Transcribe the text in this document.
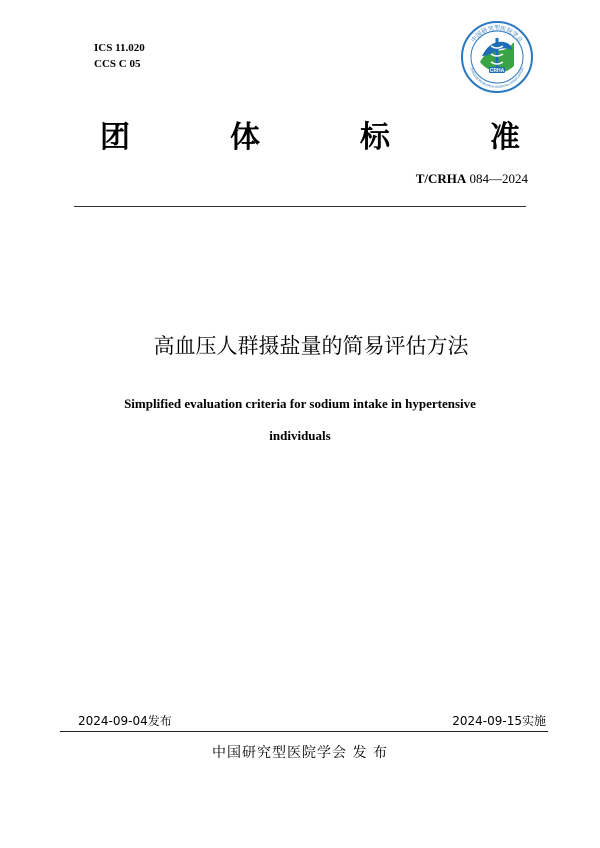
ICS 11.020
CCS C 05
CRHA
中国研究型医院学会
CHINESE RESEARCH HOSPITAL ASSOCIATION
团	体	标	准
T/CRHA 084—2024
高血压人群摄盐量的简易评估方法
Simplified evaluation criteria for sodium intake in hypertensive
individuals
2024-09-04发布	2024-09-15实施
中国研究型医院学会 发 布
